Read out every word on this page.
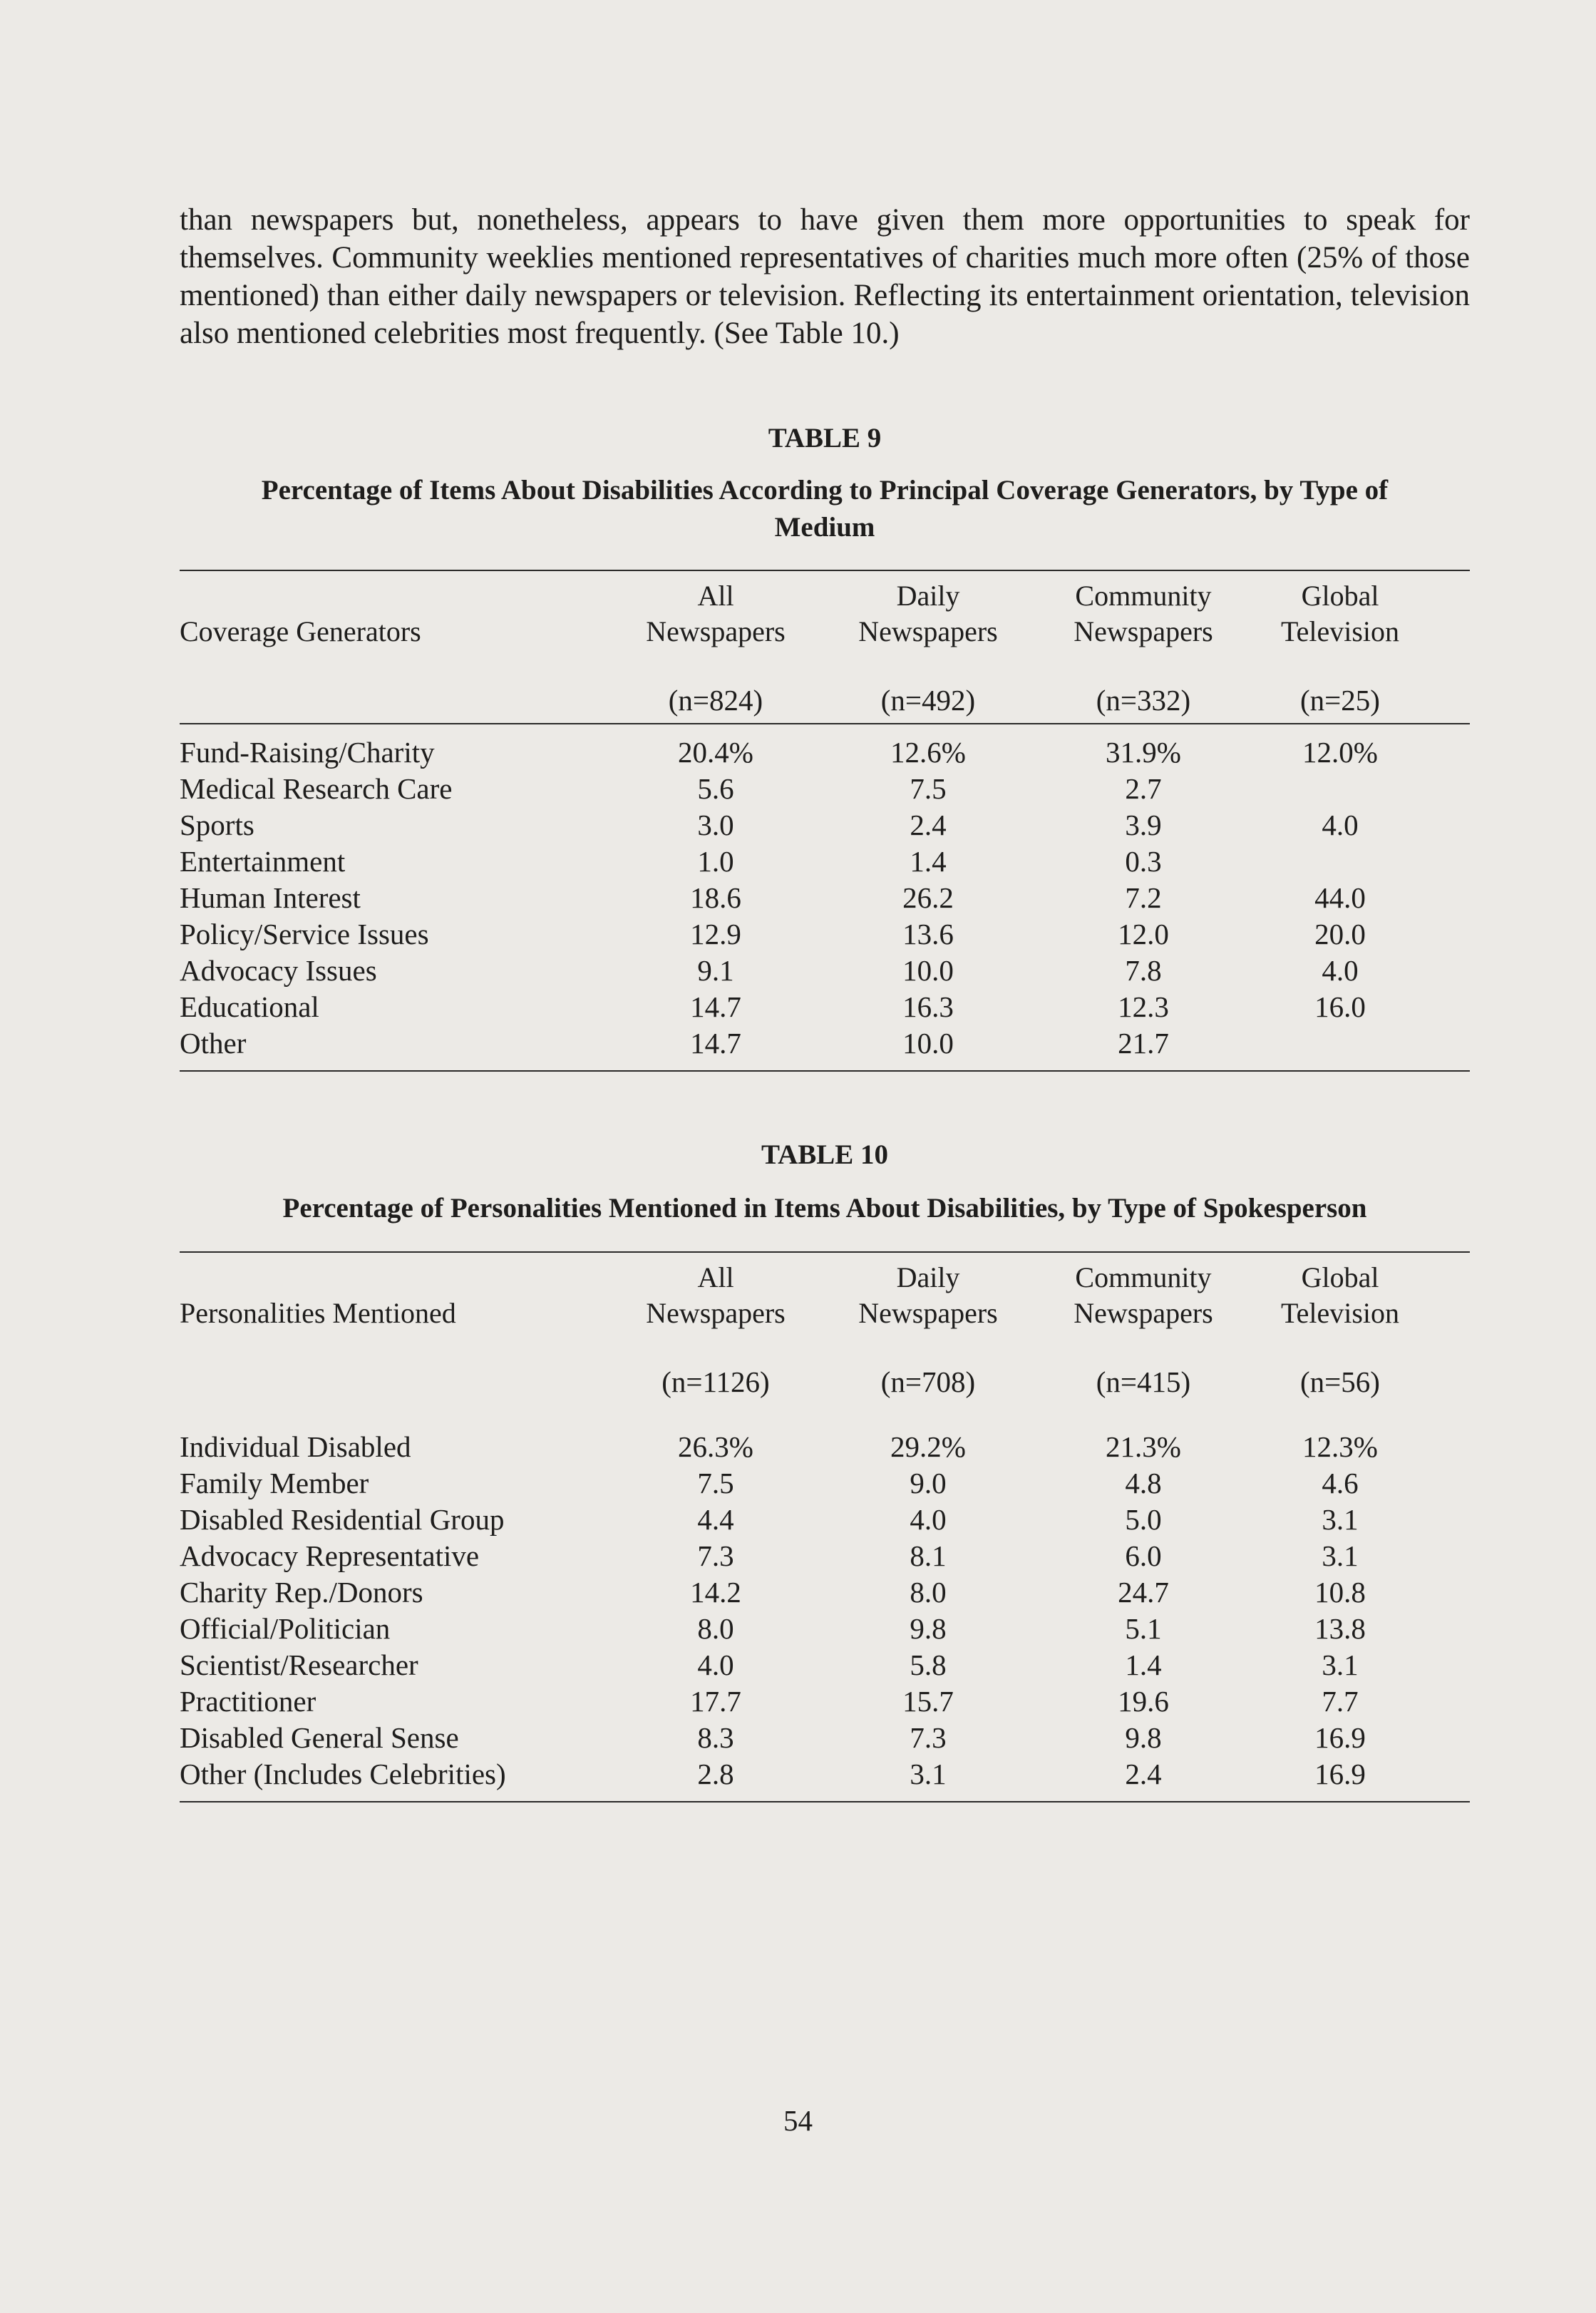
than newspapers but, nonetheless, appears to have given them more opportunities to speak for themselves. Community weeklies mentioned representatives of charities much more often (25% of those mentioned) than either daily newspapers or television. Reflecting its entertainment orientation, television also mentioned celebrities most frequently. (See Table 10.)

TABLE 9
Percentage of Items About Disabilities According to Principal Coverage Generators, by Type of Medium
Coverage Generators
All
Newspapers
Daily
Newspapers
Community
Newspapers
Global
Television
(n=824)	(n=492)	(n=332)	(n=25)
Fund-Raising/Charity	20.4%	12.6%	31.9%	12.0%
Medical Research Care	5.6	7.5	2.7
Sports	3.0	2.4	3.9	4.0
Entertainment	1.0	1.4	0.3
Human Interest	18.6	26.2	7.2	44.0
Policy/Service Issues	12.9	13.6	12.0	20.0
Advocacy Issues	9.1	10.0	7.8	4.0
Educational	14.7	16.3	12.3	16.0
Other	14.7	10.0	21.7
TABLE 10
Percentage of Personalities Mentioned in Items About Disabilities, by Type of Spokesperson
Personalities Mentioned
All
Newspapers
Daily
Newspapers
Community
Newspapers
Global
Television
(n=1126)	(n=708)	(n=415)	(n=56)
Individual Disabled	26.3%	29.2%	21.3%	12.3%
Family Member	7.5	9.0	4.8	4.6
Disabled Residential Group	4.4	4.0	5.0	3.1
Advocacy Representative	7.3	8.1	6.0	3.1
Charity Rep./Donors	14.2	8.0	24.7	10.8
Official/Politician	8.0	9.8	5.1	13.8
Scientist/Researcher	4.0	5.8	1.4	3.1
Practitioner	17.7	15.7	19.6	7.7
Disabled General Sense	8.3	7.3	9.8	16.9
Other (Includes Celebrities)	2.8	3.1	2.4	16.9
54
